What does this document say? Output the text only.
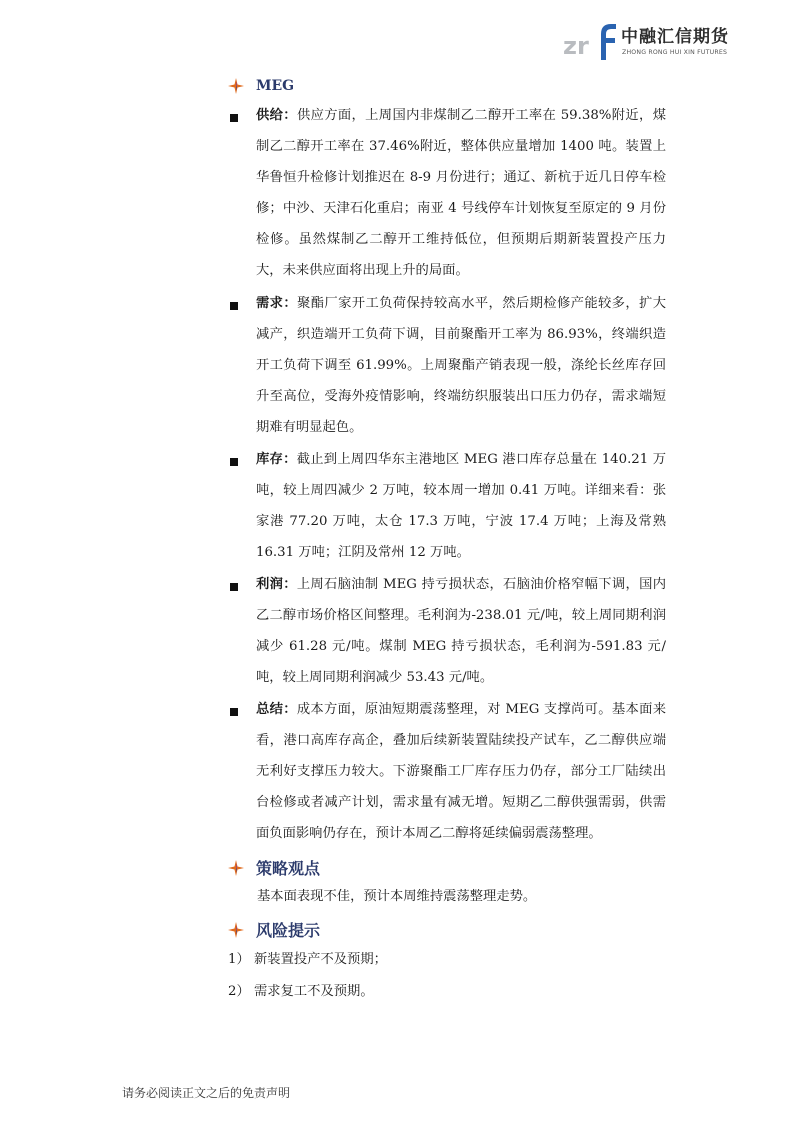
zr 中融汇信期货
ZHONG RONG HUI XIN FUTURES
MEG
供给：供应方面，上周国内非煤制乙二醇开工率在 59.38%附近，煤制乙二醇开工率在 37.46%附近，整体供应量增加 1400 吨。装置上华鲁恒升检修计划推迟在 8-9 月份进行；通辽、新杭于近几日停车检修；中沙、天津石化重启；南亚 4 号线停车计划恢复至原定的 9 月份检修。虽然煤制乙二醇开工维持低位，但预期后期新装置投产压力大，未来供应面将出现上升的局面。
需求：聚酯厂家开工负荷保持较高水平，然后期检修产能较多，扩大减产，织造端开工负荷下调，目前聚酯开工率为 86.93%，终端织造开工负荷下调至 61.99%。上周聚酯产销表现一般，涤纶长丝库存回升至高位，受海外疫情影响，终端纺织服装出口压力仍存，需求端短期难有明显起色。
库存：截止到上周四华东主港地区 MEG 港口库存总量在 140.21 万吨，较上周四减少 2 万吨，较本周一增加 0.41 万吨。详细来看：张家港 77.20 万吨，太仓 17.3 万吨，宁波 17.4 万吨；上海及常熟 16.31 万吨；江阴及常州 12 万吨。
利润：上周石脑油制 MEG 持亏损状态，石脑油价格窄幅下调，国内乙二醇市场价格区间整理。毛利润为-238.01 元/吨，较上周同期利润减少 61.28 元/吨。煤制 MEG 持亏损状态，毛利润为-591.83 元/吨，较上周同期利润减少 53.43 元/吨。
总结：成本方面，原油短期震荡整理，对 MEG 支撑尚可。基本面来看，港口高库存高企，叠加后续新装置陆续投产试车，乙二醇供应端无利好支撑压力较大。下游聚酯工厂库存压力仍存，部分工厂陆续出台检修或者减产计划，需求量有减无增。短期乙二醇供强需弱，供需面负面影响仍存在，预计本周乙二醇将延续偏弱震荡整理。
策略观点
基本面表现不佳，预计本周维持震荡整理走势。
风险提示
1） 新装置投产不及预期；
2） 需求复工不及预期。
请务必阅读正文之后的免责声明
